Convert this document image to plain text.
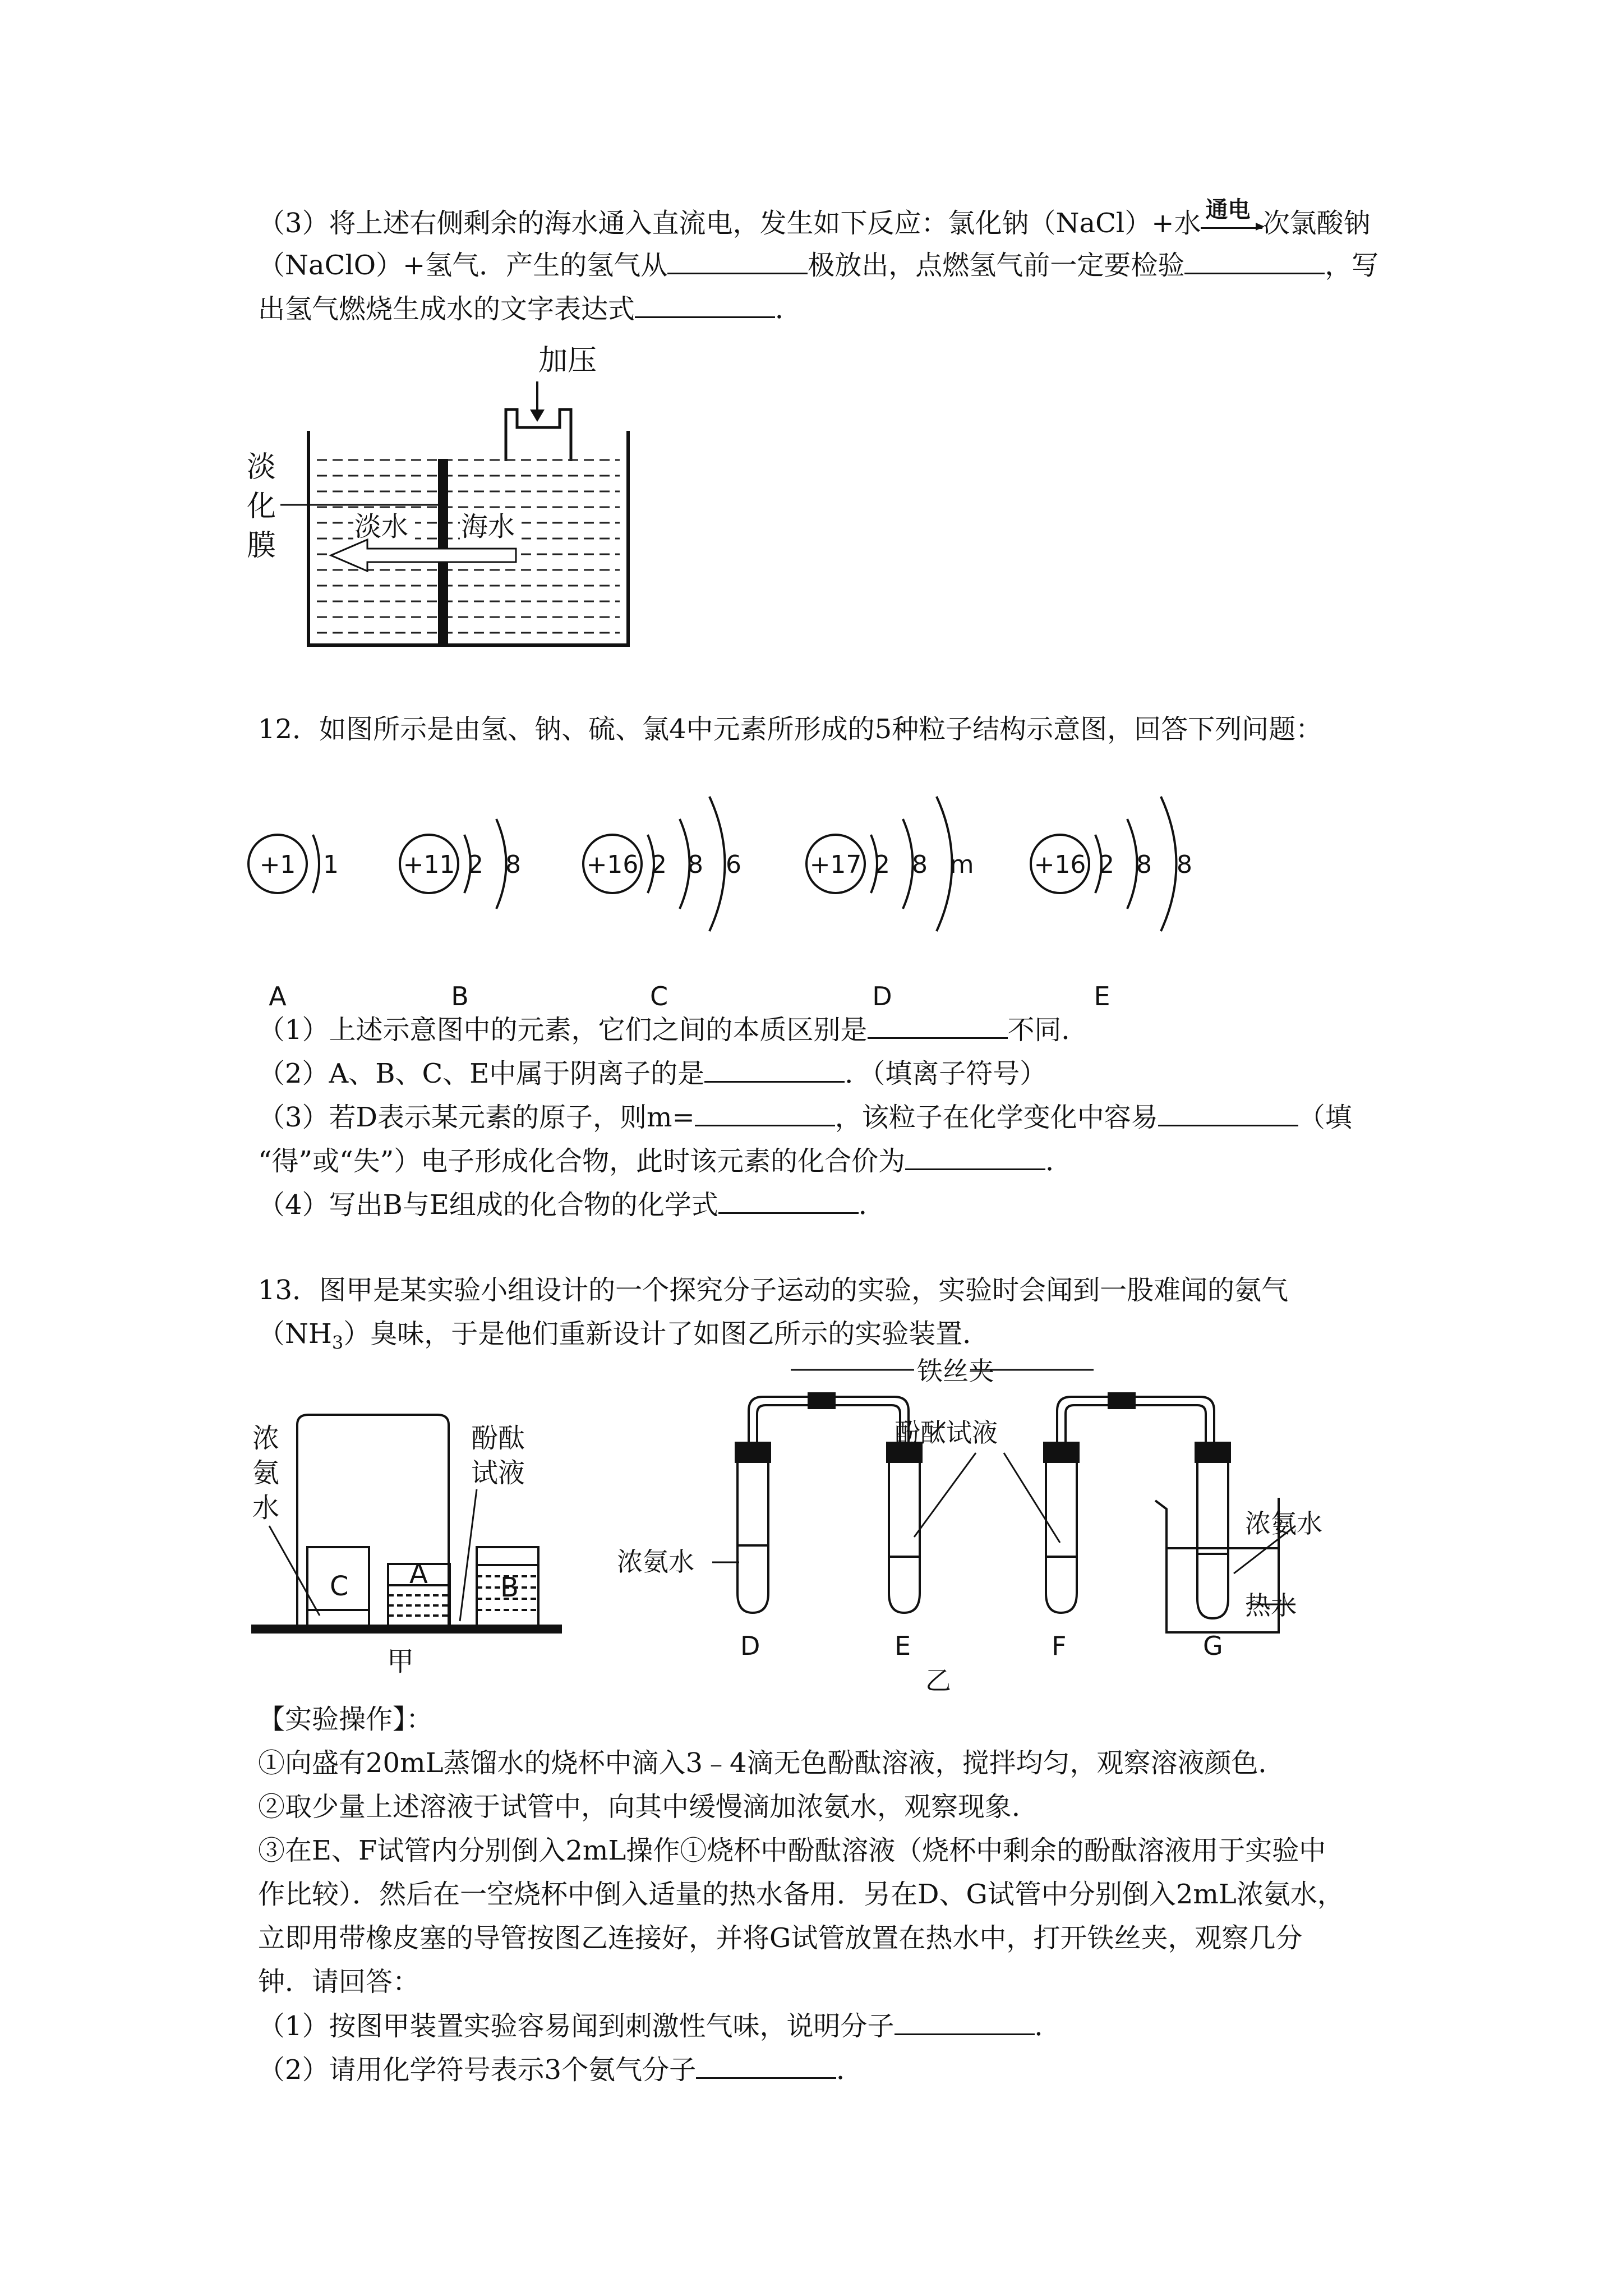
（3）将上述右侧剩余的海水通入直流电，发生如下反应：氯化钠（NaCl）+水 通电 次氯酸钠
（NaClO）+氢气．产生的氢气从	极放出，点燃氢气前一定要检验	，写
出氢气燃烧生成水的文字表达式	．
加压
淡
化
膜
淡水 海水
12．如图所示是由氢、钠、硫、氯4中元素所形成的5种粒子结构示意图，回答下列问题：
+1 1	+11 2 8	+16 2 8 6	+17 2 8 m +16 2 8 8
A	B	C	D	E
（1）上述示意图中的元素，它们之间的本质区别是	不同．
（2）A、B、C、E中属于阴离子的是	．（填离子符号）
（3）若D表示某元素的原子，则m=	，该粒子在化学变化中容易	（填
“得”或“失”）电子形成化合物，此时该元素的化合价为	．
（4）写出B与E组成的化合物的化学式	．
13．图甲是某实验小组设计的一个探究分子运动的实验，实验时会闻到一股难闻的氨气
$(NH_3)$臭味，于是他们重新设计了如图乙所示的实验装置．
浓
氨
水
酚酞
试液
C A	B
甲
铁丝夹
酚酞试液
浓氨水
浓氨水
热水
D	E	F	G
乙
【实验操作】：
①向盛有20mL蒸馏水的烧杯中滴入3﹣4滴无色酚酞溶液，搅拌均匀，观察溶液颜色．
②取少量上述溶液于试管中，向其中缓慢滴加浓氨水，观察现象．
③在E、F试管内分别倒入2mL操作①烧杯中酚酞溶液（烧杯中剩余的酚酞溶液用于实验中
作比较）．然后在一空烧杯中倒入适量的热水备用．另在D、G试管中分别倒入2mL浓氨水，
立即用带橡皮塞的导管按图乙连接好，并将G试管放置在热水中，打开铁丝夹，观察几分
钟．请回答：
（1）按图甲装置实验容易闻到刺激性气味，说明分子	．
（2）请用化学符号表示3个氨气分子	．
